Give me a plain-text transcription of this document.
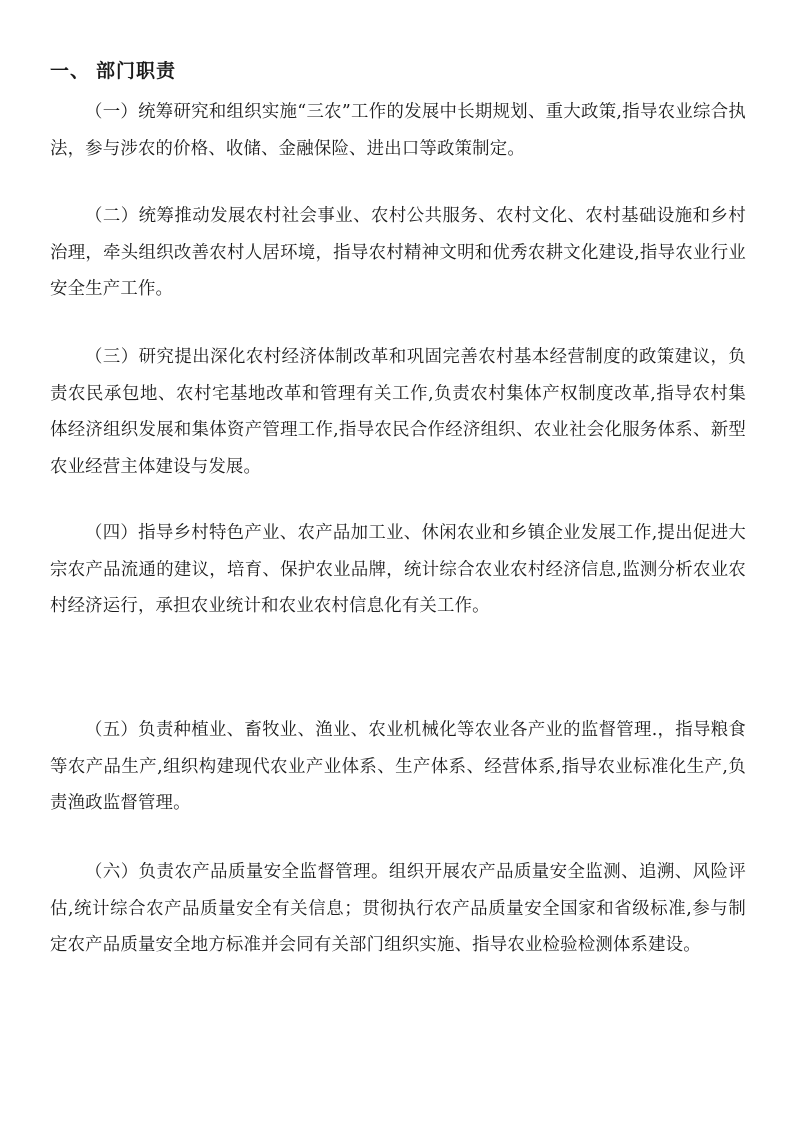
一、 部门职责

（一）统筹研究和组织实施“三农”工作的发展中长期规划、重大政策,指导农业综合执法，参与涉农的价格、收储、金融保险、进出口等政策制定。

（二）统筹推动发展农村社会事业、农村公共服务、农村文化、农村基础设施和乡村治理，牵头组织改善农村人居环境，指导农村精神文明和优秀农耕文化建设,指导农业行业安全生产工作。

（三）研究提出深化农村经济体制改革和巩固完善农村基本经营制度的政策建议，负责农民承包地、农村宅基地改革和管理有关工作,负责农村集体产权制度改革,指导农村集体经济组织发展和集体资产管理工作,指导农民合作经济组织、农业社会化服务体系、新型农业经营主体建设与发展。

（四）指导乡村特色产业、农产品加工业、休闲农业和乡镇企业发展工作,提出促进大宗农产品流通的建议，培育、保护农业品牌，统计综合农业农村经济信息,监测分析农业农村经济运行，承担农业统计和农业农村信息化有关工作。

（五）负责种植业、畜牧业、渔业、农业机械化等农业各产业的监督管理.，指导粮食等农产品生产,组织构建现代农业产业体系、生产体系、经营体系,指导农业标准化生产,负责渔政监督管理。

（六）负责农产品质量安全监督管理。组织开展农产品质量安全监测、追溯、风险评估,统计综合农产品质量安全有关信息；贯彻执行农产品质量安全国家和省级标准,参与制定农产品质量安全地方标准并会同有关部门组织实施、指导农业检验检测体系建设。
